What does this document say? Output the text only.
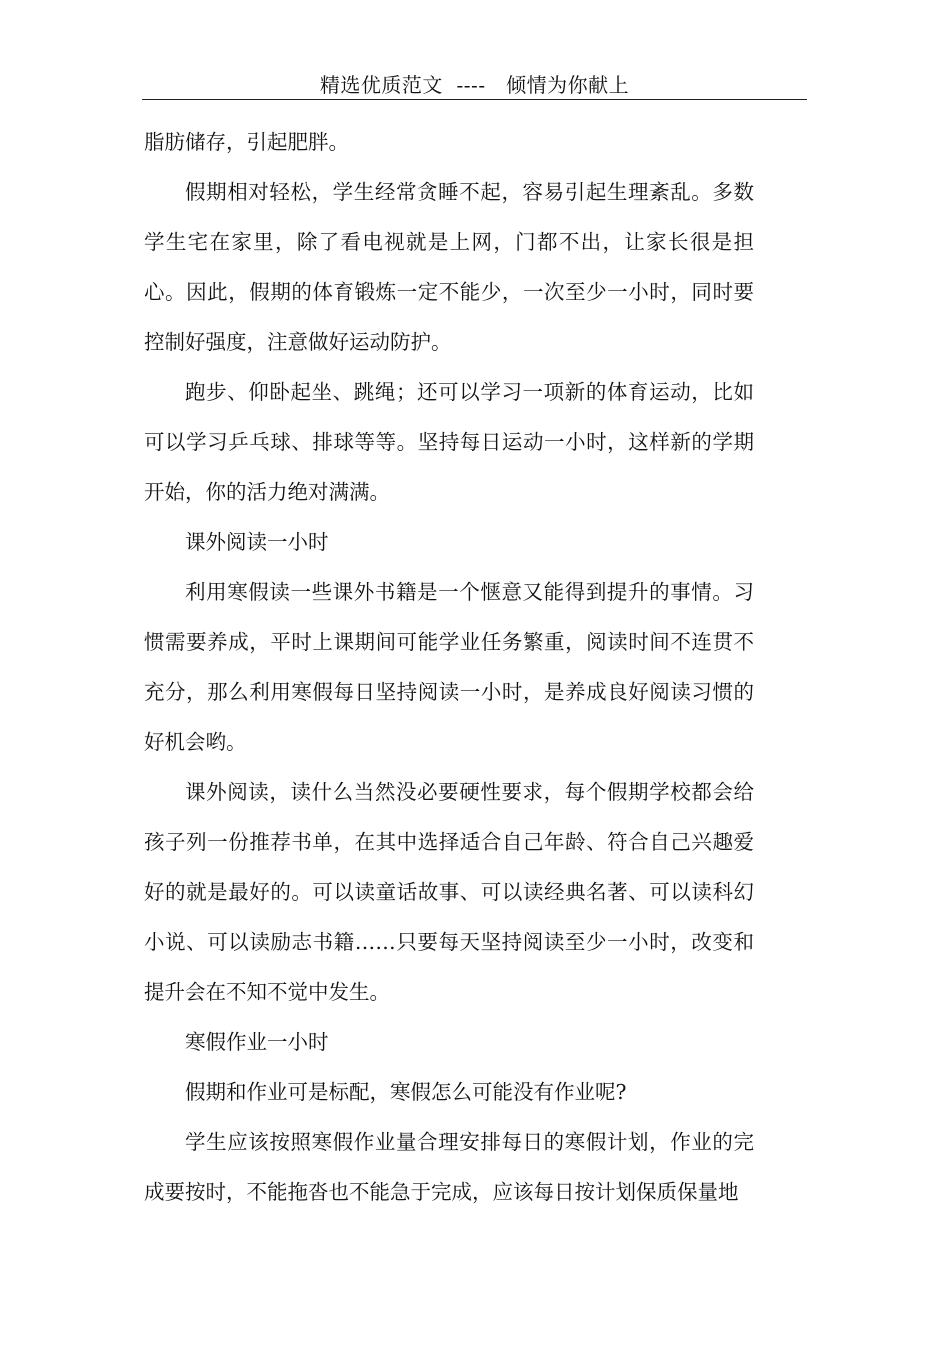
精选优质范文  ----   倾情为你献上

脂肪储存，引起肥胖。

假期相对轻松，学生经常贪睡不起，容易引起生理紊乱。多数学生宅在家里，除了看电视就是上网，门都不出，让家长很是担心。因此，假期的体育锻炼一定不能少，一次至少一小时，同时要控制好强度，注意做好运动防护。

跑步、仰卧起坐、跳绳；还可以学习一项新的体育运动，比如可以学习乒乓球、排球等等。坚持每日运动一小时，这样新的学期开始，你的活力绝对满满。

课外阅读一小时

利用寒假读一些课外书籍是一个惬意又能得到提升的事情。习惯需要养成，平时上课期间可能学业任务繁重，阅读时间不连贯不充分，那么利用寒假每日坚持阅读一小时，是养成良好阅读习惯的好机会哟。

课外阅读，读什么当然没必要硬性要求，每个假期学校都会给孩子列一份推荐书单，在其中选择适合自己年龄、符合自己兴趣爱好的就是最好的。可以读童话故事、可以读经典名著、可以读科幻小说、可以读励志书籍……只要每天坚持阅读至少一小时，改变和提升会在不知不觉中发生。

寒假作业一小时

假期和作业可是标配，寒假怎么可能没有作业呢?

学生应该按照寒假作业量合理安排每日的寒假计划，作业的完成要按时，不能拖沓也不能急于完成，应该每日按计划保质保量地
